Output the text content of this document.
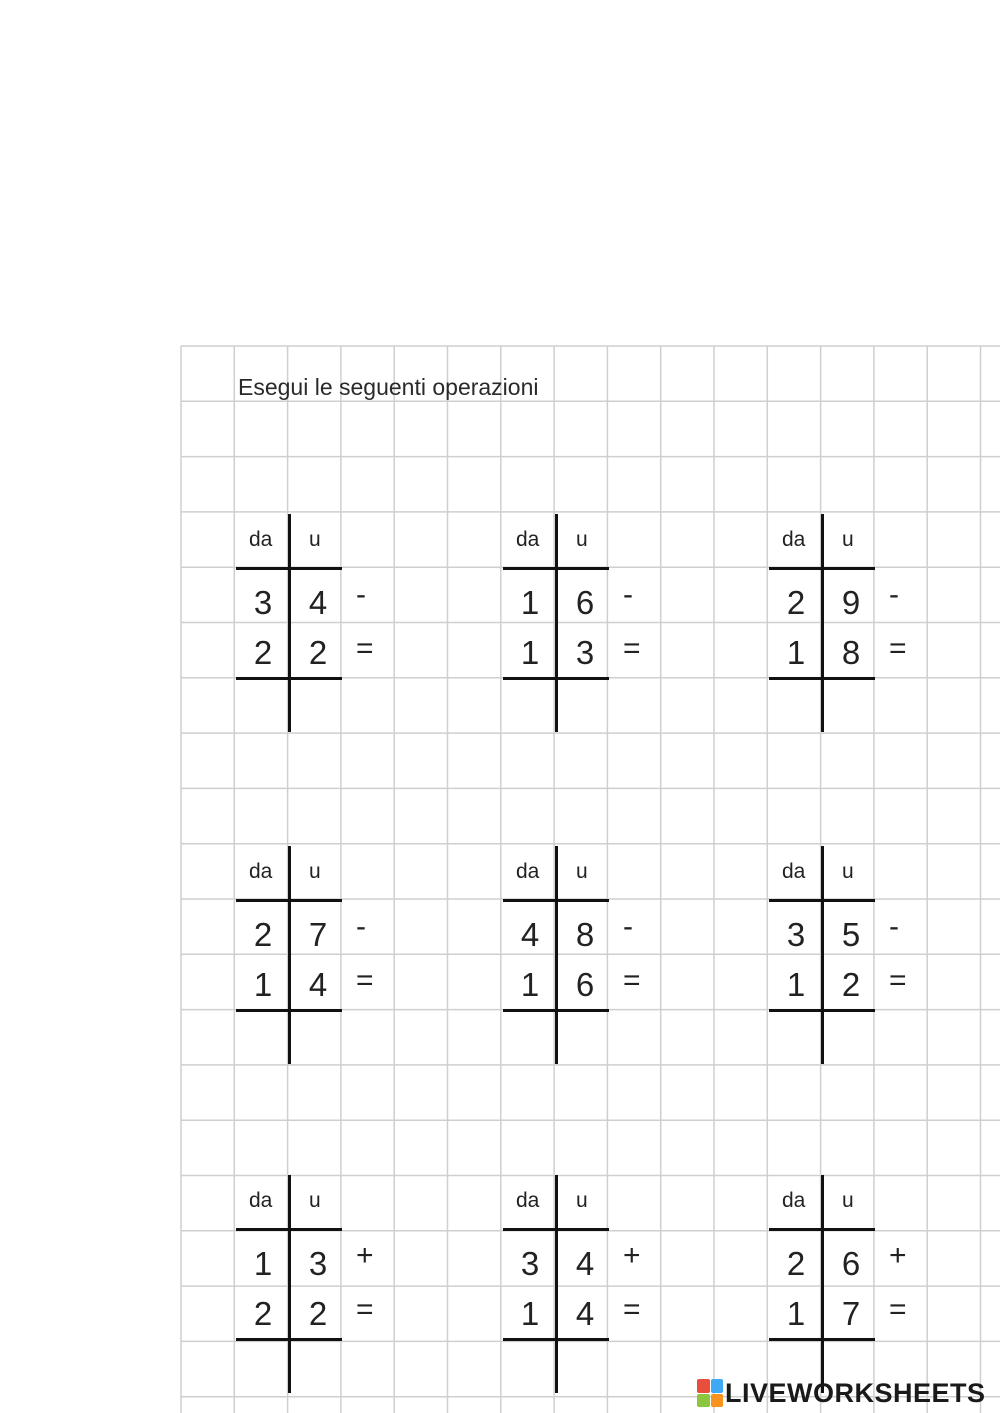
Esegui le seguenti operazioni
da u
3	4
2	2
-
=
da u
1	6
1	3
-
=
da u
2	9
1	8
-
=
da u
2	7
1	4
-
=
da u
4	8
1	6
-
=
da u
3	5
1	2
-
=
da u
1	3
2	2
+
=
da u
3	4
1	4
+
=
da u
2	6
1	7
+
=
LIVEWORKSHEETS
